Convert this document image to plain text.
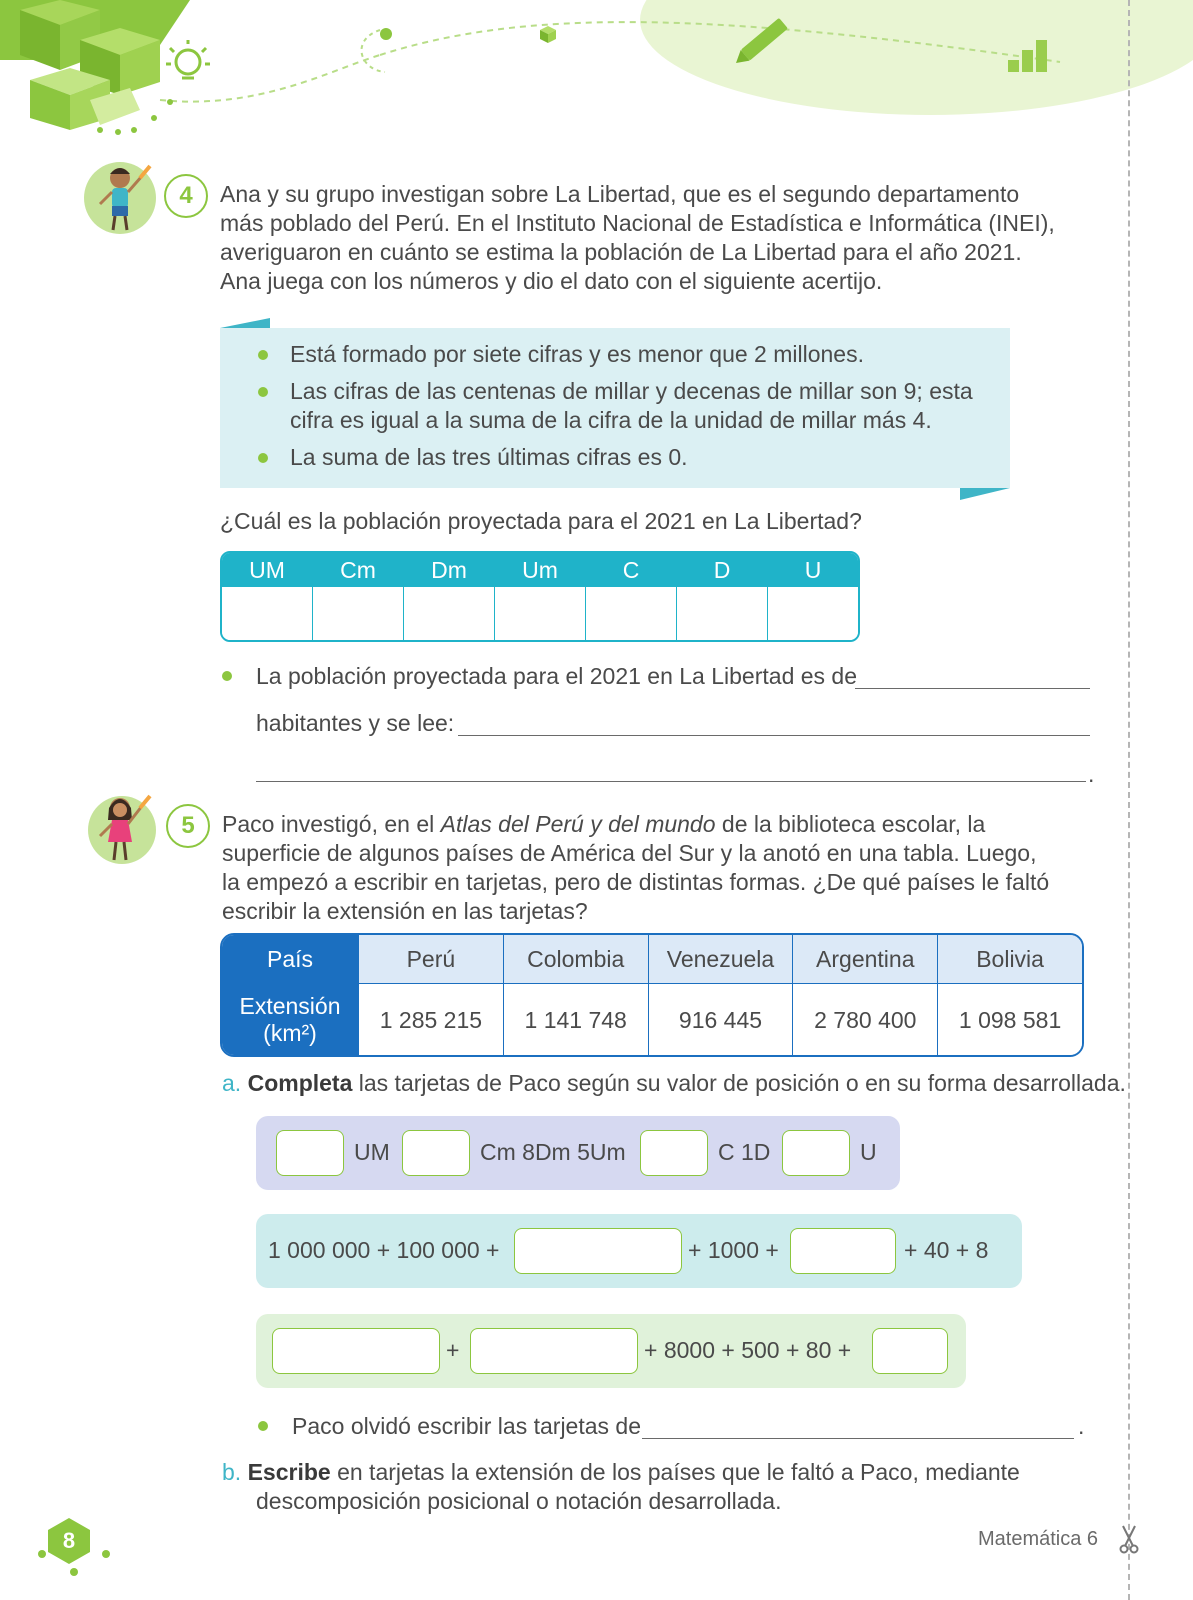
4	Ana y su grupo investigan sobre La Libertad, que es el segundo departamento
más poblado del Perú. En el Instituto Nacional de Estadística e Informática (INEI),
averiguaron en cuánto se estima la población de La Libertad para el año 2021.
Ana juega con los números y dio el dato con el siguiente acertijo.
Está formado por siete cifras y es menor que 2 millones.
Las cifras de las centenas de millar y decenas de millar son 9; esta cifra es igual a la suma de la cifra de la unidad de millar más 4.
La suma de las tres últimas cifras es 0.
¿Cuál es la población proyectada para el 2021 en La Libertad?
UM	Cm	Dm	Um	C	D	U
La población proyectada para el 2021 en La Libertad es de
habitantes y se lee:
.
5	Paco investigó, en el Atlas del Perú y del mundo de la biblioteca escolar, la
superficie de algunos países de América del Sur y la anotó en una tabla. Luego,
la empezó a escribir en tarjetas, pero de distintas formas. ¿De qué países le faltó
escribir la extensión en las tarjetas?
País	Perú	Colombia	Venezuela	Argentina	Bolivia
Extensión
(km²)
1 285 215	1 141 748	916 445	2 780 400	1 098 581
a. Completa las tarjetas de Paco según su valor de posición o en su forma desarrollada.
UM	Cm 8Dm 5Um	C 1D	U
1 000 000 + 100 000 +	+ 1000 +	+ 40 + 8
+	+ 8000 + 500 + 80 +
Paco olvidó escribir las tarjetas de	.
b. Escribe en tarjetas la extensión de los países que le faltó a Paco, mediante
descomposición posicional o notación desarrollada.
8	Matemática 6
